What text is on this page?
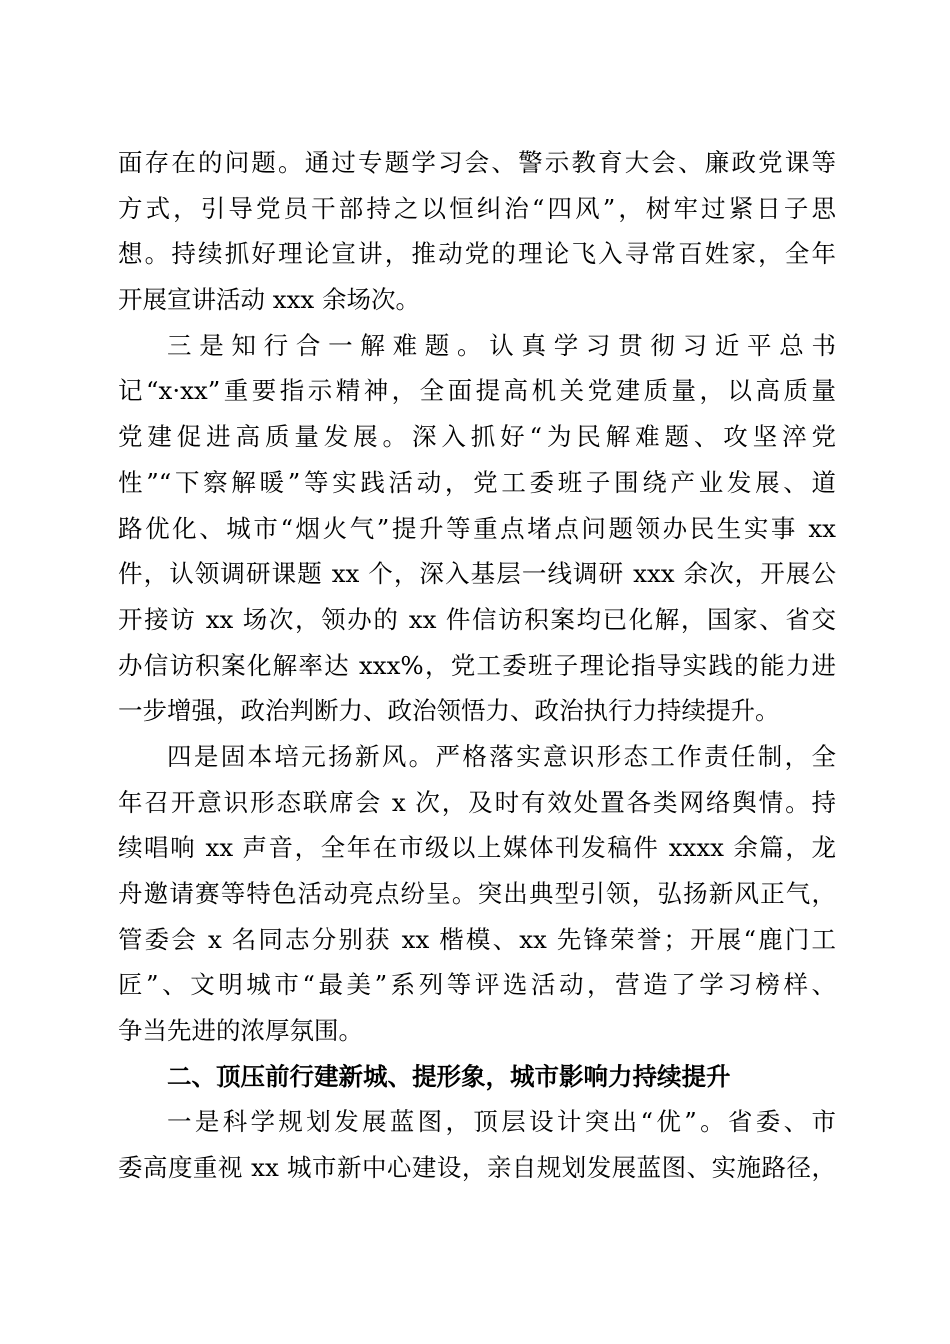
面存在的问题。通过专题学习会、警示教育大会、廉政党课等
方式，引导党员干部持之以恒纠治“四风”，树牢过紧日子思
想。持续抓好理论宣讲，推动党的理论飞入寻常百姓家，全年
开展宣讲活动 xxx 余场次。
三是知行合一解难题。认真学习贯彻习近平总书
记“x·xx”重要指示精神，全面提高机关党建质量，以高质量
党建促进高质量发展。深入抓好“为民解难题、攻坚淬党
性”“下察解暖”等实践活动，党工委班子围绕产业发展、道
路优化、城市“烟火气”提升等重点堵点问题领办民生实事 xx
件，认领调研课题 xx 个，深入基层一线调研 xxx 余次，开展公
开接访 xx 场次，领办的 xx 件信访积案均已化解，国家、省交
办信访积案化解率达 xxx%，党工委班子理论指导实践的能力进
一步增强，政治判断力、政治领悟力、政治执行力持续提升。
四是固本培元扬新风。严格落实意识形态工作责任制，全
年召开意识形态联席会 x 次，及时有效处置各类网络舆情。持
续唱响 xx 声音，全年在市级以上媒体刊发稿件 xxxx 余篇，龙
舟邀请赛等特色活动亮点纷呈。突出典型引领，弘扬新风正气，
管委会 x 名同志分别获 xx 楷模、xx 先锋荣誉；开展“鹿门工
匠”、文明城市“最美”系列等评选活动，营造了学习榜样、
争当先进的浓厚氛围。
二、顶压前行建新城、提形象，城市影响力持续提升
一是科学规划发展蓝图，顶层设计突出“优”。省委、市
委高度重视 xx 城市新中心建设，亲自规划发展蓝图、实施路径，
